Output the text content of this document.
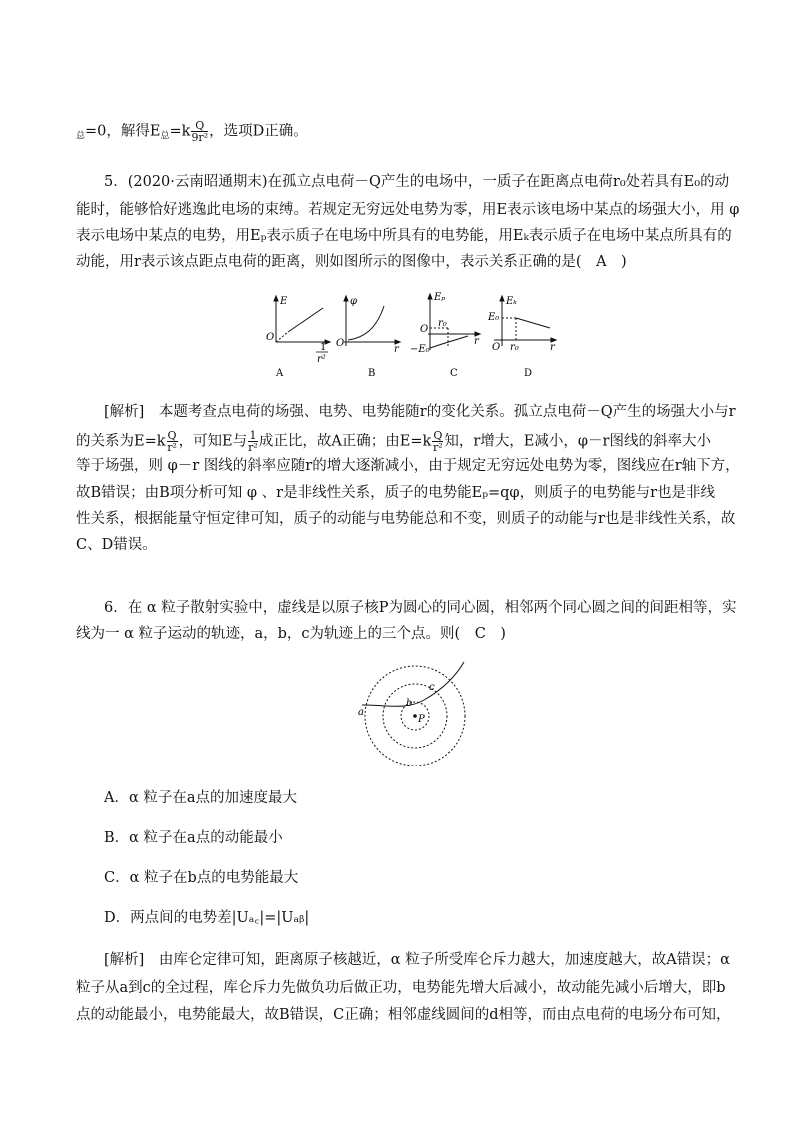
$_总$=0，解得$E_总=k \frac{Q}{\text{9r²}}$ ，选项D正确。
5．(2020·云南昭通期末)在孤立点电荷－Q产生的电场中，一质子在距离点电荷r₀处若具有E₀的动
能时，能够恰好逃逸此电场的束缚。若规定无穷远处电势为零，用E表示该电场中某点的场强大小，用 φ
表示电场中某点的电势，用Eₚ表示质子在电场中所具有的电势能，用Eₖ表示质子在电场中某点所具有的
动能，用r表示该点距点电荷的距离，则如图所示的图像中，表示关系正确的是(　A　)
E
O
1
r²
φ
O
r
Eₚ
O
r₀
−E₀
r
Eₖ
E₀
O r₀	r
A	B	C	D
[解析]　本题考查点电荷的场强、电势、电势能随r的变化关系。孤立点电荷－Q产生的场强大小与r
的关系为$E=k \frac{Q}{\text{r²}}$ ，可知E与 $\frac{1}{\text{r²}}$ 成正比，故A正确；由$E=k \frac{Q}{\text{r²}}$ 知，r增大，E减小，φ－r图线的斜率大小
等于场强，则 φ－r 图线的斜率应随r的增大逐渐减小，由于规定无穷远处电势为零，图线应在r轴下方，
故B错误；由B项分析可知 φ 、r是非线性关系，质子的电势能Eₚ=qφ，则质子的电势能与r也是非线
性关系，根据能量守恒定律可知，质子的动能与电势能总和不变，则质子的动能与r也是非线性关系，故
C、D错误。
6．在 α 粒子散射实验中，虚线是以原子核P为圆心的同心圆，相邻两个同心圆之间的间距相等，实
线为一 α 粒子运动的轨迹，a，b，c为轨迹上的三个点。则(　C　)
a
b
c
P
A．α 粒子在a点的加速度最大
B．α 粒子在a点的动能最小
C．α 粒子在b点的电势能最大
D．两点间的电势差|Uₐ꜀|=|Uₐᵦ|
[解析]　由库仑定律可知，距离原子核越近，α 粒子所受库仑斥力越大，加速度越大，故A错误；α
粒子从a到c的全过程，库仑斥力先做负功后做正功，电势能先增大后减小，故动能先减小后增大，即b
点的动能最小，电势能最大，故B错误，C正确；相邻虚线圆间的d相等，而由点电荷的电场分布可知，
